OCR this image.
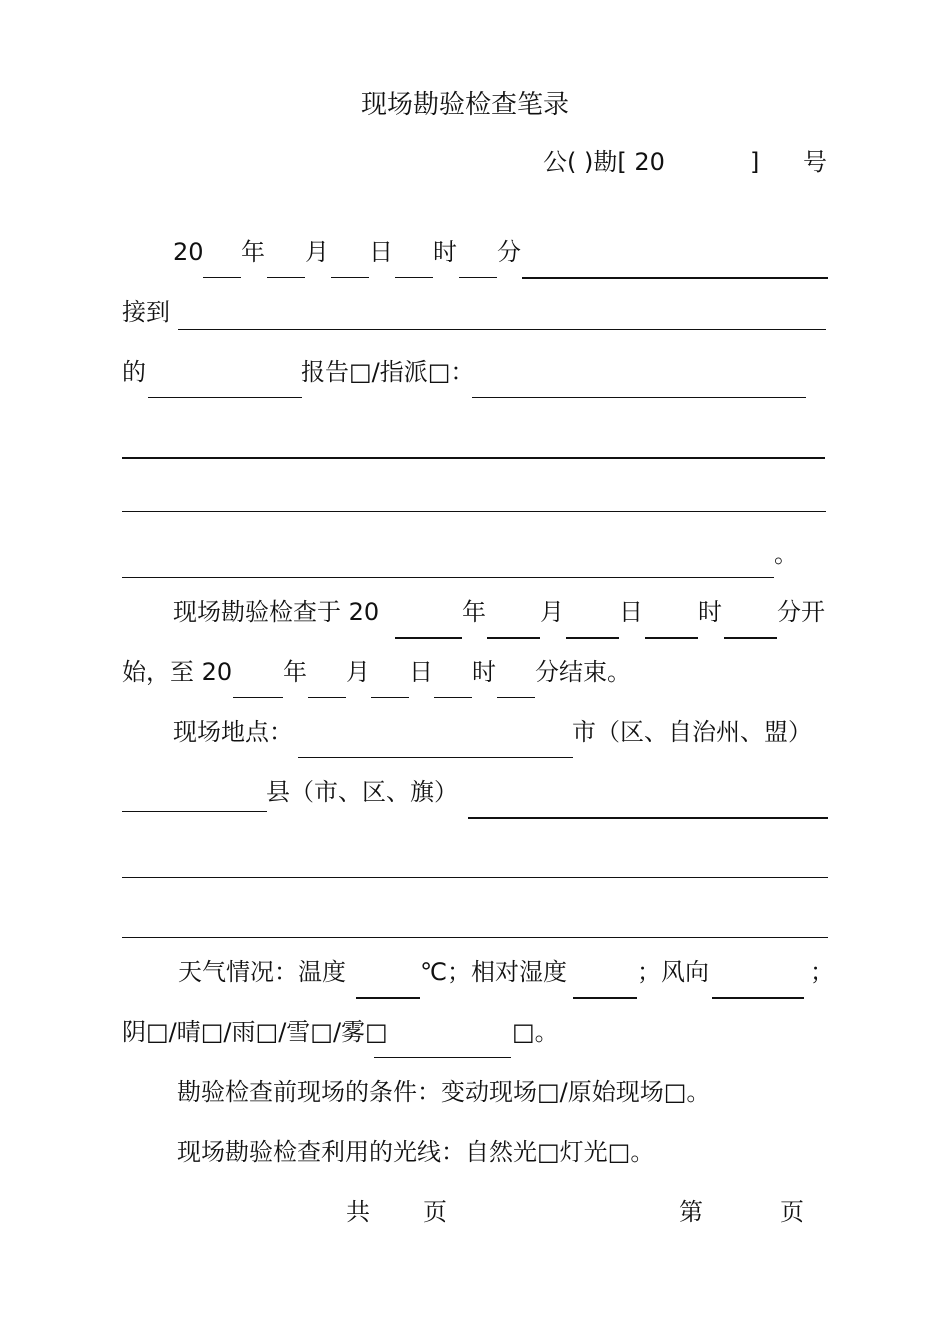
现场勘验检查笔录
公( )勘[ 20	] 号
20 年 月 日 时 分
接到
的	报告□/指派□：
。
现场勘验检查于 20	年 月 日 时 分开
始，至 20 年 月 日 时 分结束。
现场地点：	市（区、自治州、盟）
县（市、区、旗）
天气情况：温度	℃；相对湿度	；风向	；
阴□/晴□/雨□/雪□/雾□	□。
勘验检查前现场的条件：变动现场□/原始现场□。
现场勘验检查利用的光线：自然光□灯光□。
共 页	第	页
